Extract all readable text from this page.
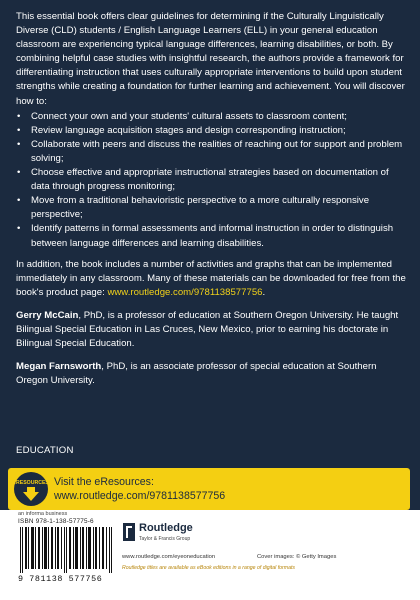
This essential book offers clear guidelines for determining if the Culturally Linguistically Diverse (CLD) students / English Language Learners (ELL) in your general education classroom are experiencing typical language differences, learning disabilities, or both. By combining helpful case studies with insightful research, the authors provide a framework for differentiating instruction that uses culturally appropriate interventions to build upon student strengths while creating a foundation for further learning and achievement. You will discover how to:

• Connect your own and your students' cultural assets to classroom content;
• Review language acquisition stages and design corresponding instruction;
• Collaborate with peers and discuss the realities of reaching out for support and problem solving;
• Choose effective and appropriate instructional strategies based on documentation of data through progress monitoring;
• Move from a traditional behavioristic perspective to a more culturally responsive perspective;
• Identify patterns in formal assessments and informal instruction in order to distinguish between language differences and learning disabilities.

In addition, the book includes a number of activities and graphs that can be implemented immediately in any classroom. Many of these materials can be downloaded for free from the book's product page: www.routledge.com/9781138577756.

Gerry McCain, PhD, is a professor of education at Southern Oregon University. He taught Bilingual Special Education in Las Cruces, New Mexico, prior to earning his doctorate in Bilingual Special Education.

Megan Farnsworth, PhD, is an associate professor of special education at Southern Oregon University.

EDUCATION
eRESOURCES Visit the eResources:
www.routledge.com/9781138577756
an informa business
ISBN 978-1-138-57775-6
9 781138 577756
Routledge
Taylor & Francis Group
www.routledge.com/eyeoneducation	Cover images: © Getty Images
Routledge titles are available as eBook editions in a range of digital formats
